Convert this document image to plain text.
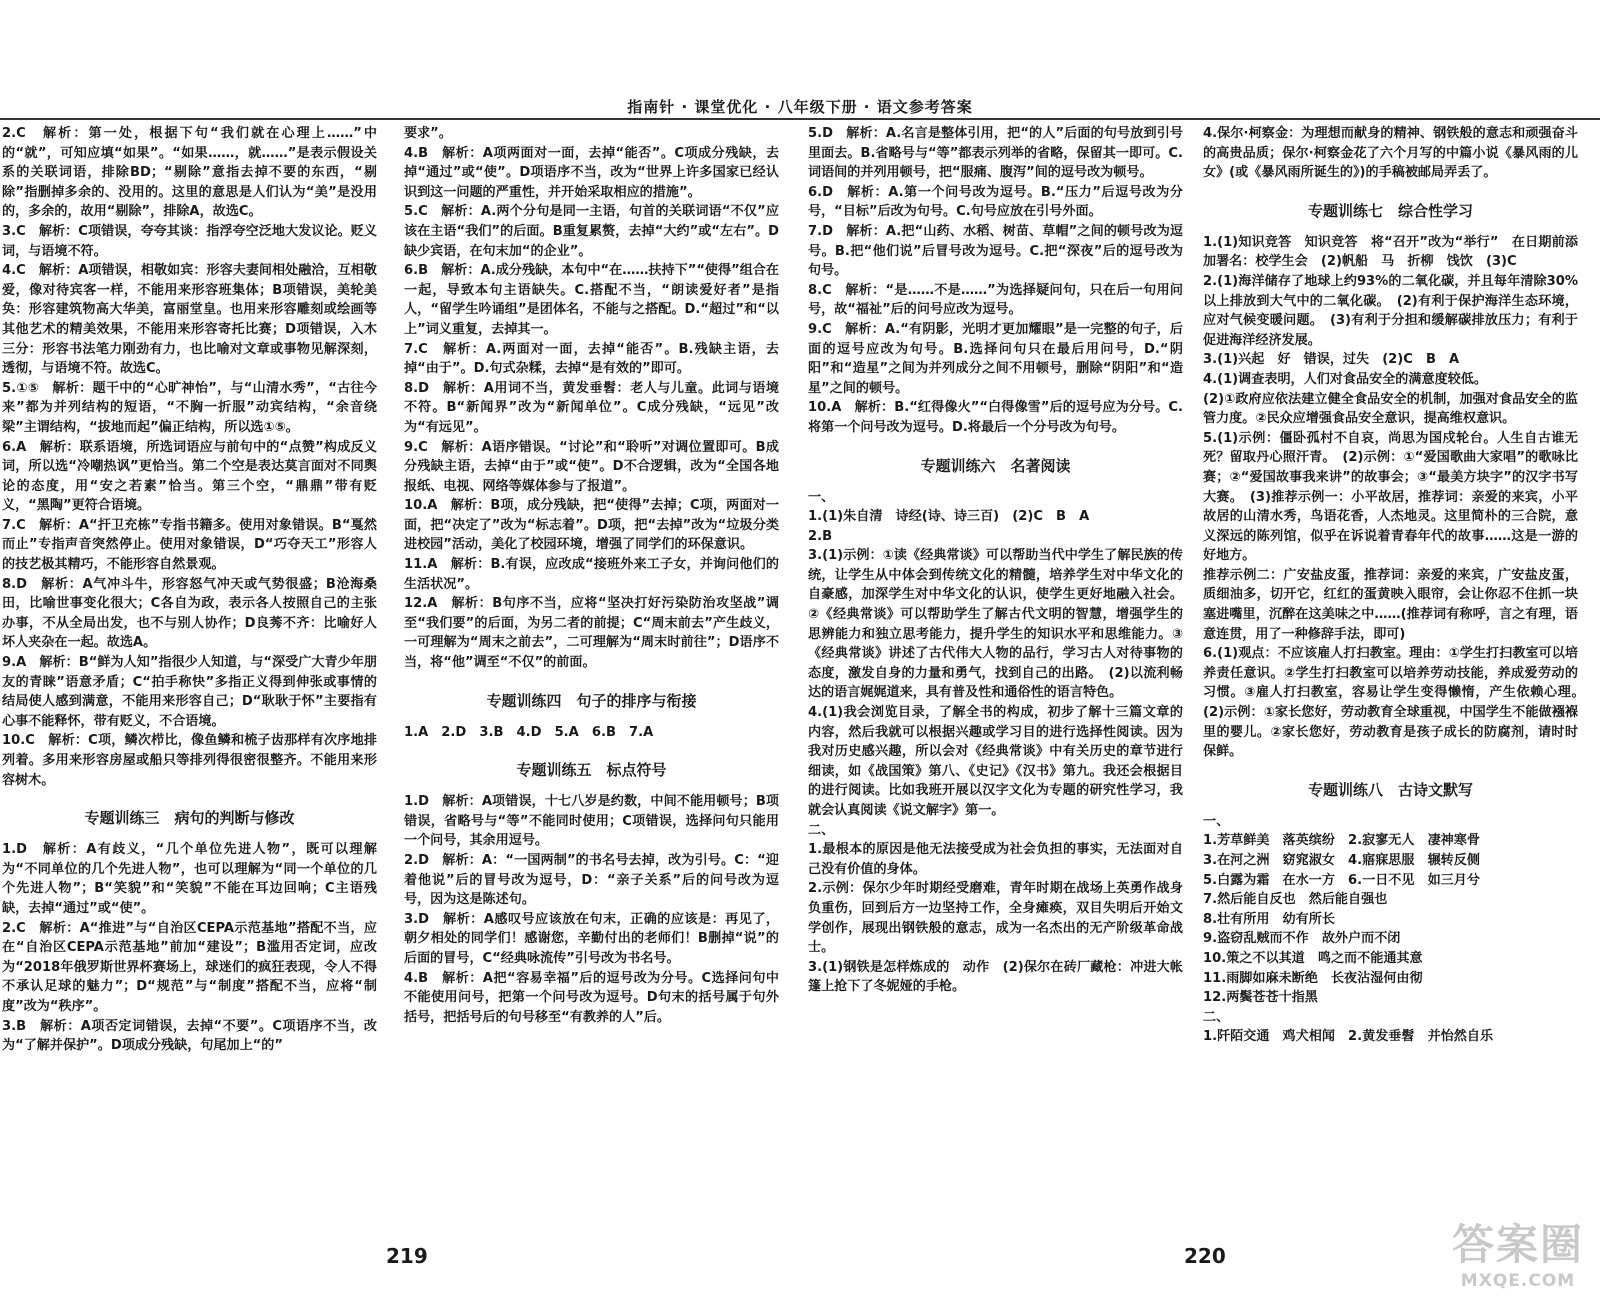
指南针 · 课堂优化 · 八年级下册 · 语文参考答案
2.C　解析：第一处，根据下句“我们就在心理上……”中的“就”，可知应填“如果”。“如果……，就……”是表示假设关系的关联词语，排除BD；“剔除”意指去掉不要的东西，“剔除”指删掉多余的、没用的。这里的意思是人们认为“美”是没用的，多余的，故用“剔除”，排除A，故选C。
3.C　解析：C项错误，夸夸其谈：指浮夸空泛地大发议论。贬义词，与语境不符。
4.C　解析：A项错误，相敬如宾：形容夫妻间相处融洽，互相敬爱，像对待宾客一样，不能用来形容班集体；B项错误，美轮美奂：形容建筑物高大华美，富丽堂皇。也用来形容雕刻或绘画等其他艺术的精美效果，不能用来形容寄托比赛；D项错误，入木三分：形容书法笔力刚劲有力，也比喻对文章或事物见解深刻，透彻，与语境不符。故选C。
5.①⑤　解析：题干中的“心旷神怡”，与“山清水秀”，“古往今来”都为并列结构的短语，“不胸一折服”动宾结构，“余音绕梁”主谓结构，“拔地而起”偏正结构，所以选①⑤。
6.A　解析：联系语境，所选词语应与前句中的“点赞”构成反义词，所以选“冷嘲热讽”更恰当。第二个空是表达莫言面对不同舆论的态度，用“安之若素”恰当。第三个空，“鼎鼎”带有贬义，“黑陶”更符合语境。
7.C　解析：A“扞卫充栋”专指书籍多。使用对象错误。B“戛然而止”专指声音突然停止。使用对象错误，D“巧夺天工”形容人的技艺极其精巧，不能形容自然景观。
8.D　解析：A气冲斗牛，形容怒气冲天或气势很盛；B沧海桑田，比喻世事变化很大；C各自为政，表示各人按照自己的主张办事，不从全局出发，也不与别人协作；D良莠不齐：比喻好人坏人夹杂在一起。故选A。
9.A　解析：B“鲜为人知”指很少人知道，与“深受广大青少年朋友的青睐”语意矛盾；C“拍手称快”多指正义得到伸张或事情的结局使人感到满意，不能用来形容自己；D“耿耿于怀”主要指有心事不能释怀，带有贬义，不合语境。
10.C　解析：C项，鳞次栉比，像鱼鳞和梳子齿那样有次序地排列着。多用来形容房屋或船只等排列得很密很整齐。不能用来形容树木。
专题训练三　病句的判断与修改
1.D　解析：A有歧义，“几个单位先进人物”，既可以理解为“不同单位的几个先进人物”，也可以理解为“同一个单位的几个先进人物”；B“笑貌”和“笑貌”不能在耳边回响；C主语残缺，去掉“通过”或“使”。
2.C　解析：A“推进”与“自治区CEPA示范基地”搭配不当，应在“自治区CEPA示范基地”前加“建设”；B滥用否定词，应改为“2018年俄罗斯世界杯赛场上，球迷们的疯狂表现，令人不得不承认足球的魅力”；D“规范”与“制度”搭配不当，应将“制度”改为“秩序”。
3.B　解析：A项否定词错误，去掉“不要”。C项语序不当，改为“了解并保护”。D项成分残缺，句尾加上“的”
要求”。
4.B　解析：A项两面对一面，去掉“能否”。C项成分残缺，去掉“通过”或“使”。D项语序不当，改为“世界上许多国家已经认识到这一问题的严重性，并开始采取相应的措施”。
5.C　解析：A.两个分句是同一主语，句首的关联词语“不仅”应该在主语“我们”的后面。B重复累赘，去掉“大约”或“左右”。D缺少宾语，在句末加“的企业”。
6.B　解析：A.成分残缺，本句中“在……扶持下”“使得”组合在一起，导致本句主语缺失。C.搭配不当，“朗读爱好者”是指人，“留学生吟诵组”是团体名，不能与之搭配。D.“超过”和“以上”词义重复，去掉其一。
7.C　解析：A.两面对一面，去掉“能否”。B.残缺主语，去掉“由于”。D.句式杂糅，去掉“是有效的”即可。
8.D　解析：A用词不当，黄发垂髫：老人与儿童。此词与语境不符。B“新闻界”改为“新闻单位”。C成分残缺，“远见”改为“有远见”。
9.C　解析：A语序错误。“讨论”和“聆听”对调位置即可。B成分残缺主语，去掉“由于”或“使”。D不合逻辑，改为“全国各地报纸、电视、网络等媒体参与了报道”。
10.A　解析：B项，成分残缺，把“使得”去掉；C项，两面对一面，把“决定了”改为“标志着”。D项，把“去掉”改为“垃圾分类进校园”活动，美化了校园环境，增强了同学们的环保意识。
11.A　解析：B.有误，应改成“接班外来工子女，并询问他们的生活状况”。
12.A　解析：B句序不当，应将“坚决打好污染防治攻坚战”调至“我们要”的后面，为另二者的前提；C“周末前去”产生歧义，一可理解为“周末之前去”，二可理解为“周末时前往”；D语序不当，将“他”调至“不仅”的前面。
专题训练四　句子的排序与衔接
1.A　2.D　3.B　4.D　5.A　6.B　7.A
专题训练五　标点符号
1.D　解析：A项错误，十七八岁是约数，中间不能用顿号；B项错误，省略号与“等”不能同时使用；C项错误，选择问句只能用一个问号，其余用逗号。
2.D　解析：A：“一国两制”的书名号去掉，改为引号。C：“迎着他说”后的冒号改为逗号，D：“亲子关系”后的问号改为逗号，因为这是陈述句。
3.D　解析：A感叹号应该放在句末，正确的应该是：再见了，朝夕相处的同学们！感谢您，辛勤付出的老师们！B删掉“说”的后面的冒号，C“经典咏流传”引号改为书名号。
4.B　解析：A把“容易幸福”后的逗号改为分号。C选择问句中不能使用问号，把第一个问号改为逗号。D句末的括号属于句外括号，把括号后的句号移至“有教养的人”后。
5.D　解析：A.名言是整体引用，把“的人”后面的句号放到引号里面去。B.省略号与“等”都表示列举的省略，保留其一即可。C.词语间的并列用顿号，把“服痛、腹泻”间的逗号改为顿号。
6.D　解析：A.第一个问号改为逗号。B.“压力”后逗号改为分号，“目标”后改为句号。C.句号应放在引号外面。
7.D　解析：A.把“山药、水稻、树苗、草帽”之间的顿号改为逗号。B.把“他们说”后冒号改为逗号。C.把“深夜”后的逗号改为句号。
8.C　解析：“是……不是……”为选择疑问句，只在后一句用问号，故“福祉”后的问号应改为逗号。
9.C　解析：A.“有阴影，光明才更加耀眼”是一完整的句子，后面的逗号应改为句号。B.选择问句只在最后用问号，D.“阴阳”和“造星”之间为并列成分之间不用顿号，删除“阴阳”和“造星”之间的顿号。
10.A　解析：B.“红得像火”“白得像雪”后的逗号应为分号。C.将第一个问号改为逗号。D.将最后一个分号改为句号。
专题训练六　名著阅读
一、
1.(1)朱自清　诗经(诗、诗三百)　(2)C　B　A
2.B
3.(1)示例：①读《经典常谈》可以帮助当代中学生了解民族的传统，让学生从中体会到传统文化的精髓，培养学生对中华文化的自豪感，加深学生对中华文化的认识，使学生更好地融入社会。②《经典常谈》可以帮助学生了解古代文明的智慧，增强学生的思辨能力和独立思考能力，提升学生的知识水平和思维能力。③《经典常谈》讲述了古代伟大人物的品行，学习古人对待事物的态度，激发自身的力量和勇气，找到自己的出路。　(2)以流利畅达的语言娓娓道来，具有普及性和通俗性的语言特色。
4.(1)我会浏览目录，了解全书的构成，初步了解十三篇文章的内容，然后我就可以根据兴趣或学习目的进行选择性阅读。因为我对历史感兴趣，所以会对《经典常谈》中有关历史的章节进行细读，如《战国策》第八、《史记》《汉书》第九。我还会根据目的进行阅读。比如我班开展以汉字文化为专题的研究性学习，我就会认真阅读《说文解字》第一。
二、
1.最根本的原因是他无法接受成为社会负担的事实，无法面对自己没有价值的身体。
2.示例：保尔少年时期经受磨难，青年时期在战场上英勇作战身负重伤，回到后方一边坚持工作，全身瘫痪，双目失明后开始文学创作，展现出钢铁般的意志，成为一名杰出的无产阶级革命战士。
3.(1)钢铁是怎样炼成的　动作　(2)保尔在砖厂藏枪：冲进大帐篷上抢下了冬妮娅的手枪。
4.保尔·柯察金：为理想而献身的精神、钢铁般的意志和顽强奋斗的高贵品质；保尔·柯察金花了六个月写的中篇小说《暴风雨的儿女》(或《暴风雨所诞生的》)的手稿被邮局弄丢了。
专题训练七　综合性学习
1.(1)知识竞答　知识竞答　将“召开”改为“举行”　在日期前添加署名：校学生会　(2)帆船　马　折柳　饯饮　(3)C
2.(1)海洋储存了地球上约93%的二氧化碳，并且每年清除30%以上排放到大气中的二氧化碳。　(2)有利于保护海洋生态环境，应对气候变暖问题。　(3)有利于分担和缓解碳排放压力；有利于促进海洋经济发展。
3.(1)兴起　好　错误，过失　(2)C　B　A
4.(1)调查表明，人们对食品安全的满意度较低。
(2)①政府应依法建立健全食品安全的机制，加强对食品安全的监管力度。②民众应增强食品安全意识，提高维权意识。
5.(1)示例：僵卧孤村不自哀，尚思为国戍轮台。人生自古谁无死？留取丹心照汗青。　(2)示例：①“爱国歌曲大家唱”的歌咏比赛；②“爱国故事我来讲”的故事会；③“最美方块字”的汉字书写大赛。　(3)推荐示例一：小平故居，推荐词：亲爱的来宾，小平故居的山清水秀，鸟语花香，人杰地灵。这里简朴的三合院，意义深远的陈列馆，似乎在诉说着青春年代的故事……这是一游的好地方。
推荐示例二：广安盐皮蛋，推荐词：亲爱的来宾，广安盐皮蛋，质细油多，切开它，红红的蛋黄映入眼帘，会让你忍不住抓一块塞进嘴里，沉醉在这美味之中……(推荐词有称呼，言之有理，语意连贯，用了一种修辞手法，即可)
6.(1)观点：不应该雇人打扫教室。理由：①学生打扫教室可以培养责任意识。②学生打扫教室可以培养劳动技能，养成爱劳动的习惯。③雇人打扫教室，容易让学生变得懒惰，产生依赖心理。　(2)示例：①家长您好，劳动教育全球重视，中国学生不能做襁褓里的婴儿。②家长您好，劳动教育是孩子成长的防腐剂，请时时保鲜。
专题训练八　古诗文默写
一、
1.芳草鲜美　落英缤纷　2.寂寥无人　凄神寒骨
3.在河之洲　窈窕淑女　4.寤寐思服　辗转反侧
5.白露为霜　在水一方　6.一日不见　如三月兮
7.然后能自反也　然后能自强也
8.壮有所用　幼有所长
9.盗窃乱贼而不作　故外户而不闭
10.策之不以其道　鸣之而不能通其意
11.雨脚如麻未断绝　长夜沾湿何由彻
12.两鬓苍苍十指黑
二、
1.阡陌交通　鸡犬相闻　2.黄发垂髫　并怡然自乐
219	220	答案圈
MXQE.COM
